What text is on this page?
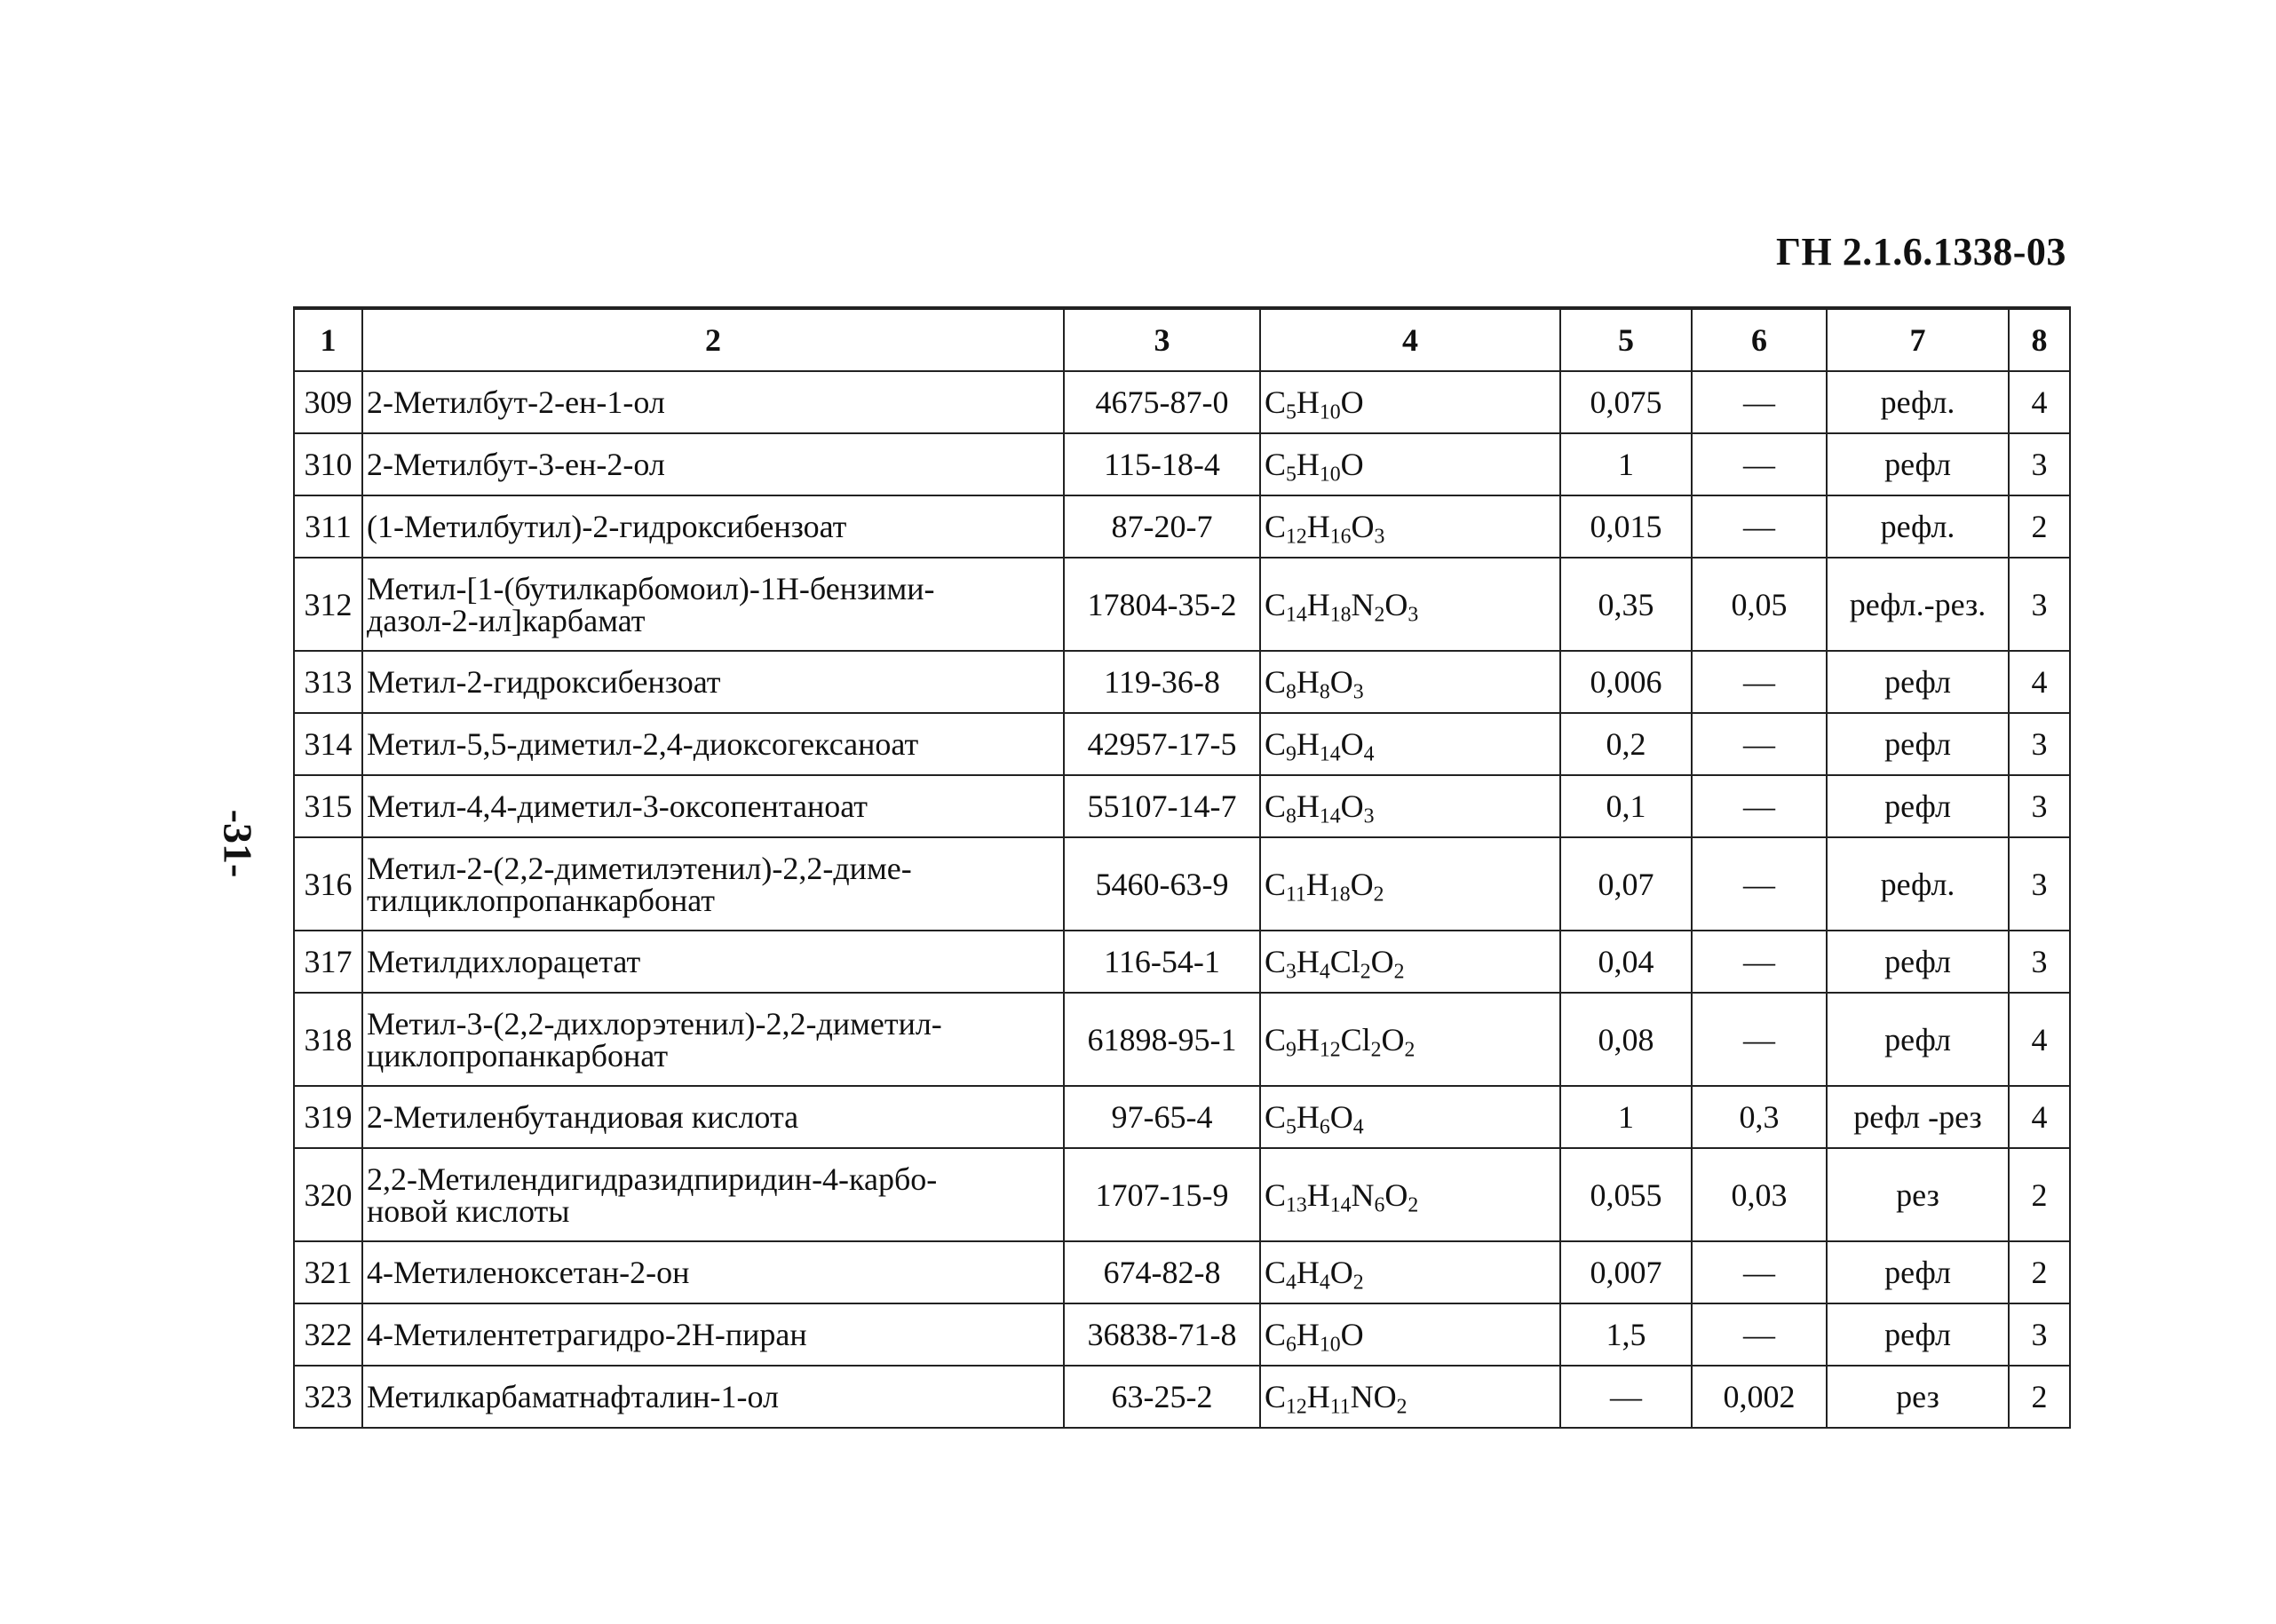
ГН 2.1.6.1338-03
-31-
1	2	3	4	5	6	7	8
309	2-Метилбут-2-ен-1-ол	4675-87-0	$C_5H_{10}O$	0,075	—	рефл.	4
310	2-Метилбут-3-ен-2-ол	115-18-4	$C_5H_{10}O$	1	—	рефл	3
311	(1-Метилбутил)-2-гидроксибензоат	87-20-7	$C_{12}H_{16}O_3$	0,015	—	рефл.	2
312	Метил-[1-(бутилкарбомоил)-1Н-бензими-
дазол-2-ил]карбамат	17804-35-2	$C_{14}H_{18}N_2O_3$	0,35	0,05	рефл.-рез.	3
313	Метил-2-гидроксибензоат	119-36-8	$C_8H_8O_3$	0,006	—	рефл	4
314	Метил-5,5-диметил-2,4-диоксогексаноат	42957-17-5	$C_9H_{14}O_4$	0,2	—	рефл	3
315	Метил-4,4-диметил-3-оксопентаноат	55107-14-7	$C_8H_{14}O_3$	0,1	—	рефл	3
316	Метил-2-(2,2-диметилэтенил)-2,2-диме-
тилциклопропанкарбонат	5460-63-9	$C_{11}H_{18}O_2$	0,07	—	рефл.	3
317	Метилдихлорацетат	116-54-1	$C_3H_4Cl_2O_2$	0,04	—	рефл	3
318	Метил-3-(2,2-дихлорэтенил)-2,2-диметил-
циклопропанкарбонат	61898-95-1	$C_9H_{12}Cl_2O_2$	0,08	—	рефл	4
319	2-Метиленбутандиовая кислота	97-65-4	$C_5H_6O_4$	1	0,3	рефл -рез	4
320	2,2-Метилендигидразидпиридин-4-карбо-
новой кислоты	1707-15-9	$C_{13}H_{14}N_6O_2$	0,055	0,03	рез	2
321	4-Метиленоксетан-2-он	674-82-8	$C_4H_4O_2$	0,007	—	рефл	2
322	4-Метилентетрагидро-2Н-пиран	36838-71-8	$C_6H_{10}O$	1,5	—	рефл	3
323	Метилкарбаматнафталин-1-ол	63-25-2	$C_{12}H_{11}NO_2$	—	0,002	рез	2
